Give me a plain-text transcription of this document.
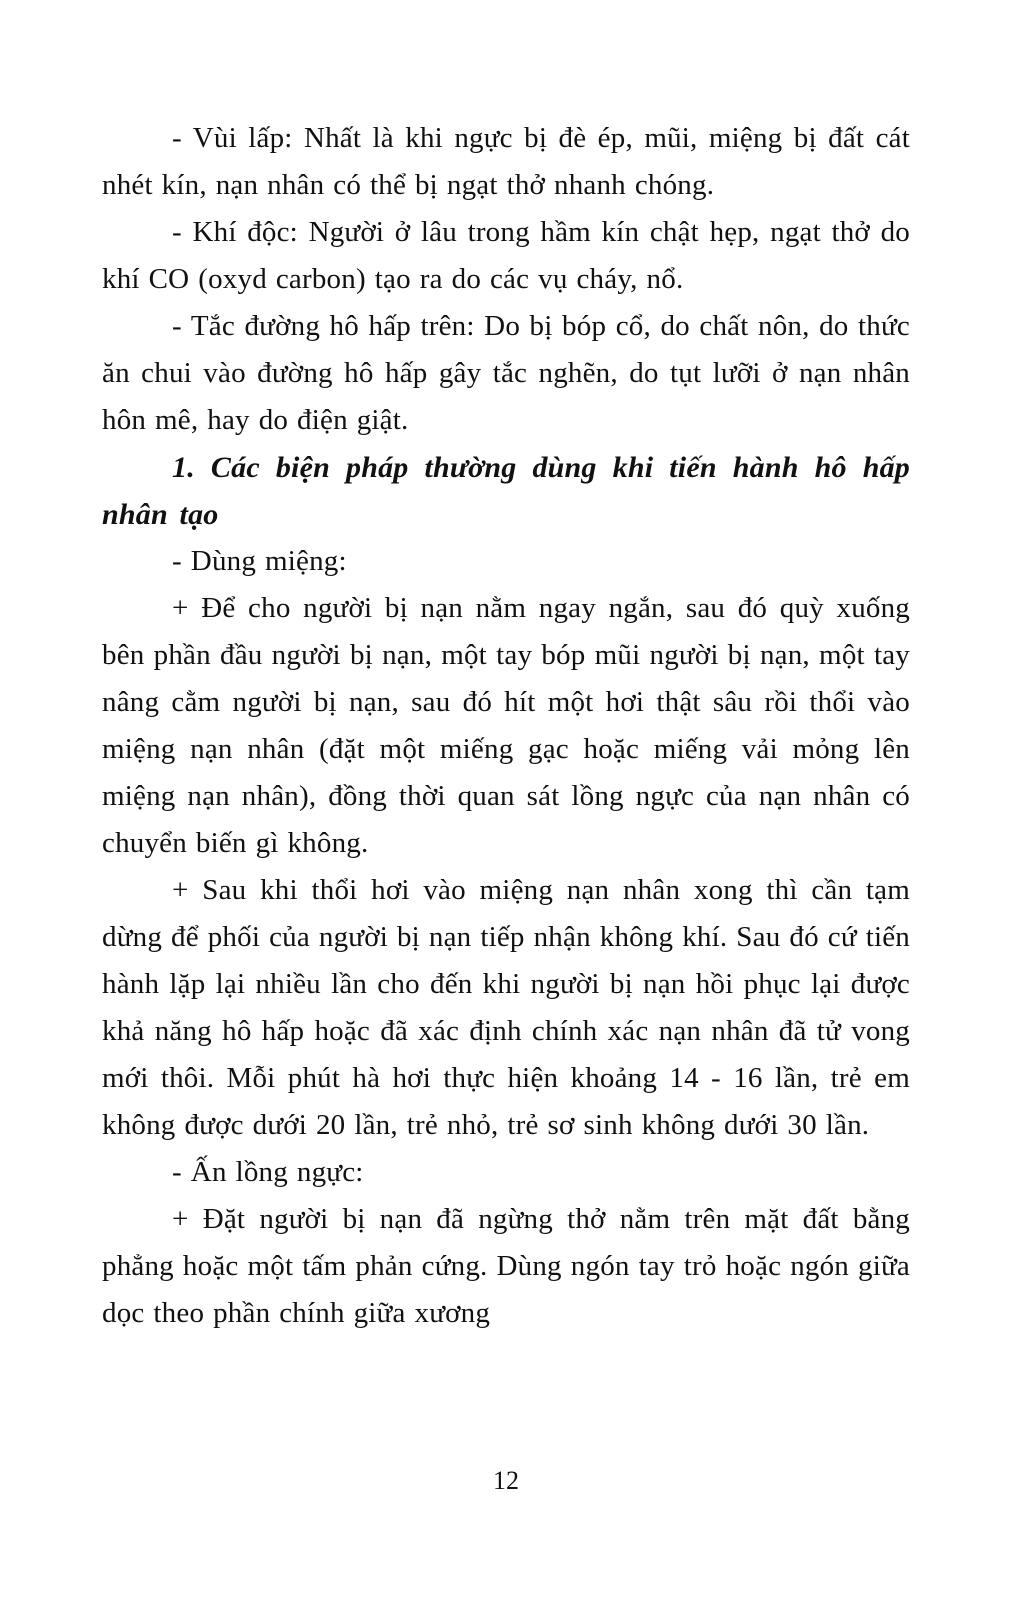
- Vùi lấp: Nhất là khi ngực bị đè ép, mũi, miệng bị đất cát nhét kín, nạn nhân có thể bị ngạt thở nhanh chóng.

- Khí độc: Người ở lâu trong hầm kín chật hẹp, ngạt thở do khí CO (oxyd carbon) tạo ra do các vụ cháy, nổ.

- Tắc đường hô hấp trên: Do bị bóp cổ, do chất nôn, do thức ăn chui vào đường hô hấp gây tắc nghẽn, do tụt lưỡi ở nạn nhân hôn mê, hay do điện giật.

1. Các biện pháp thường dùng khi tiến hành hô hấp nhân tạo

- Dùng miệng:

+ Để cho người bị nạn nằm ngay ngắn, sau đó quỳ xuống bên phần đầu người bị nạn, một tay bóp mũi người bị nạn, một tay nâng cằm người bị nạn, sau đó hít một hơi thật sâu rồi thổi vào miệng nạn nhân (đặt một miếng gạc hoặc miếng vải mỏng lên miệng nạn nhân), đồng thời quan sát lồng ngực của nạn nhân có chuyển biến gì không.

+ Sau khi thổi hơi vào miệng nạn nhân xong thì cần tạm dừng để phối của người bị nạn tiếp nhận không khí. Sau đó cứ tiến hành lặp lại nhiều lần cho đến khi người bị nạn hồi phục lại được khả năng hô hấp hoặc đã xác định chính xác nạn nhân đã tử vong mới thôi. Mỗi phút hà hơi thực hiện khoảng 14 - 16 lần, trẻ em không được dưới 20 lần, trẻ nhỏ, trẻ sơ sinh không dưới 30 lần.

- Ấn lồng ngực:

+ Đặt người bị nạn đã ngừng thở nằm trên mặt đất bằng phẳng hoặc một tấm phản cứng. Dùng ngón tay trỏ hoặc ngón giữa dọc theo phần chính giữa xương

12
